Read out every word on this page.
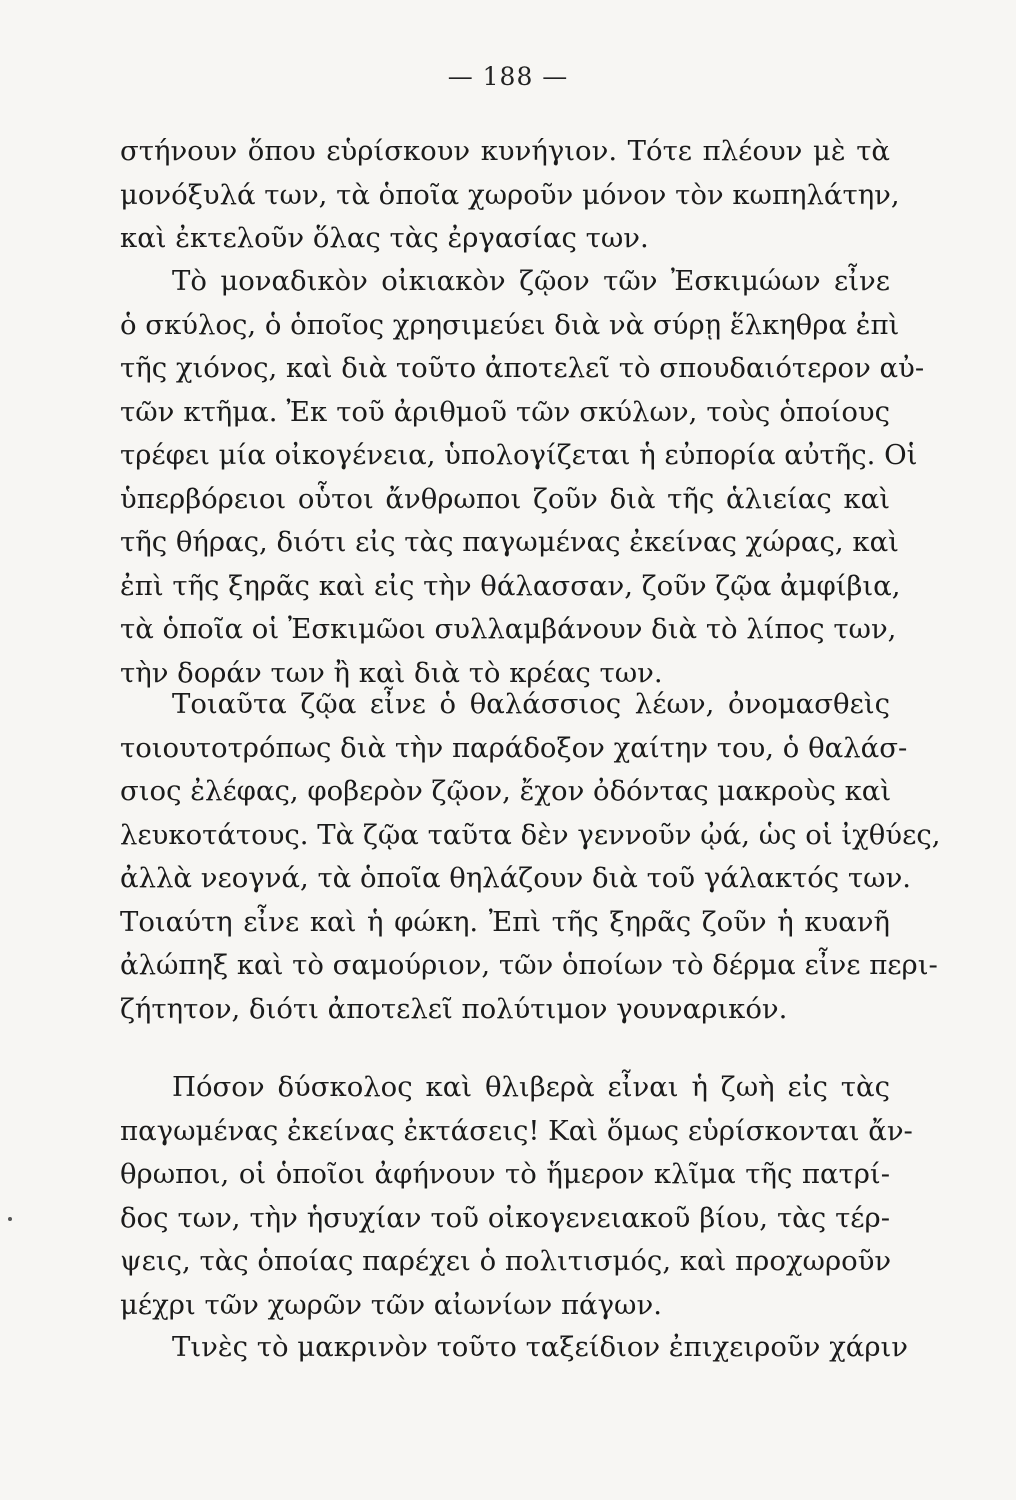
— 188 —
στήνουν ὅπου εὑρίσκουν κυνήγιον. Τότε πλέουν μὲ τὰ
μονόξυλά των, τὰ ὁποῖα χωροῦν μόνον τὸν κωπηλάτην,
καὶ ἐκτελοῦν ὅλας τὰς ἐργασίας των.
Τὸ μοναδικὸν οἰκιακὸν ζῷον τῶν Ἐσκιμώων εἶνε
ὁ σκύλος, ὁ ὁποῖος χρησιμεύει διὰ νὰ σύρῃ ἕλκηθρα ἐπὶ
τῆς χιόνος, καὶ διὰ τοῦτο ἀποτελεῖ τὸ σπουδαιότερον αὐ-
τῶν κτῆμα. Ἐκ τοῦ ἀριθμοῦ τῶν σκύλων, τοὺς ὁποίους
τρέφει μία οἰκογένεια, ὑπολογίζεται ἡ εὐπορία αὐτῆς. Οἱ
ὑπερβόρειοι οὗτοι ἄνθρωποι ζοῦν διὰ τῆς ἁλιείας καὶ
τῆς θήρας, διότι εἰς τὰς παγωμένας ἐκείνας χώρας, καὶ
ἐπὶ τῆς ξηρᾶς καὶ εἰς τὴν θάλασσαν, ζοῦν ζῷα ἀμφίβια,
τὰ ὁποῖα οἱ Ἐσκιμῶοι συλλαμβάνουν διὰ τὸ λίπος των,
τὴν δοράν των ἢ καὶ διὰ τὸ κρέας των.
Τοιαῦτα ζῷα εἶνε ὁ θαλάσσιος λέων, ὀνομασθεὶς
τοιουτοτρόπως διὰ τὴν παράδοξον χαίτην του, ὁ θαλάσ-
σιος ἐλέφας, φοβερὸν ζῷον, ἔχον ὀδόντας μακροὺς καὶ
λευκοτάτους. Τὰ ζῷα ταῦτα δὲν γεννοῦν ᾠά, ὡς οἱ ἰχθύες,
ἀλλὰ νεογνά, τὰ ὁποῖα θηλάζουν διὰ τοῦ γάλακτός των.
Τοιαύτη εἶνε καὶ ἡ φώκη. Ἐπὶ τῆς ξηρᾶς ζοῦν ἡ κυανῆ
ἀλώπηξ καὶ τὸ σαμούριον, τῶν ὁποίων τὸ δέρμα εἶνε περι-
ζήτητον, διότι ἀποτελεῖ πολύτιμον γουναρικόν.
Πόσον δύσκολος καὶ θλιβερὰ εἶναι ἡ ζωὴ εἰς τὰς
παγωμένας ἐκείνας ἐκτάσεις! Καὶ ὅμως εὑρίσκονται ἄν-
θρωποι, οἱ ὁποῖοι ἀφήνουν τὸ ἥμερον κλῖμα τῆς πατρί-
δος των, τὴν ἡσυχίαν τοῦ οἰκογενειακοῦ βίου, τὰς τέρ-
ψεις, τὰς ὁποίας παρέχει ὁ πολιτισμός, καὶ προχωροῦν
μέχρι τῶν χωρῶν τῶν αἰωνίων πάγων.
Τινὲς τὸ μακρινὸν τοῦτο ταξείδιον ἐπιχειροῦν χάριν
